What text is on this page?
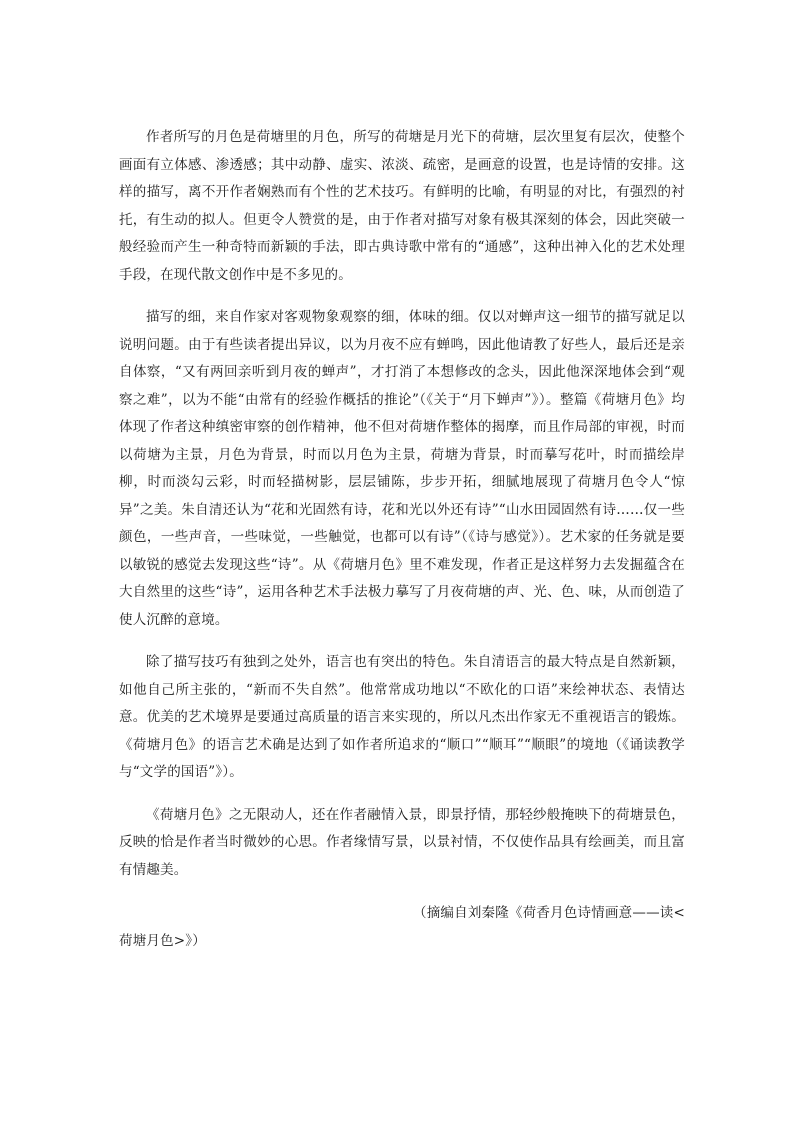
作者所写的月色是荷塘里的月色，所写的荷塘是月光下的荷塘，层次里复有层次，使整个画面有立体感、渗透感；其中动静、虚实、浓淡、疏密，是画意的设置，也是诗情的安排。这样的描写，离不开作者娴熟而有个性的艺术技巧。有鲜明的比喻，有明显的对比，有强烈的衬托，有生动的拟人。但更令人赞赏的是，由于作者对描写对象有极其深刻的体会，因此突破一般经验而产生一种奇特而新颖的手法，即古典诗歌中常有的“通感”，这种出神入化的艺术处理手段，在现代散文创作中是不多见的。

描写的细，来自作家对客观物象观察的细，体味的细。仅以对蝉声这一细节的描写就足以说明问题。由于有些读者提出异议，以为月夜不应有蝉鸣，因此他请教了好些人，最后还是亲自体察，“又有两回亲听到月夜的蝉声”，才打消了本想修改的念头，因此他深深地体会到“观察之难”，以为不能“由常有的经验作概括的推论”（《关于“月下蝉声”》）。整篇《荷塘月色》均体现了作者这种缜密审察的创作精神，他不但对荷塘作整体的揭摩，而且作局部的审视，时而以荷塘为主景，月色为背景，时而以月色为主景，荷塘为背景，时而摹写花叶，时而描绘岸柳，时而淡勾云彩，时而轻描树影，层层铺陈，步步开拓，细腻地展现了荷塘月色令人“惊异”之美。朱自清还认为“花和光固然有诗，花和光以外还有诗”“山水田园固然有诗……仅一些颜色，一些声音，一些味觉，一些触觉，也都可以有诗”（《诗与感觉》）。艺术家的任务就是要以敏锐的感觉去发现这些“诗”。从《荷塘月色》里不难发现，作者正是这样努力去发掘蕴含在大自然里的这些“诗”，运用各种艺术手法极力摹写了月夜荷塘的声、光、色、味，从而创造了使人沉醉的意境。

除了描写技巧有独到之处外，语言也有突出的特色。朱自清语言的最大特点是自然新颖，如他自己所主张的，“新而不失自然”。他常常成功地以“不欧化的口语”来绘神状态、表情达意。优美的艺术境界是要通过高质量的语言来实现的，所以凡杰出作家无不重视语言的锻炼。《荷塘月色》的语言艺术确是达到了如作者所追求的“顺口”“顺耳”“顺眼”的境地（《诵读教学与“文学的国语”》）。

《荷塘月色》之无限动人，还在作者融情入景，即景抒情，那轻纱般掩映下的荷塘景色，反映的恰是作者当时微妙的心思。作者缘情写景，以景衬情，不仅使作品具有绘画美，而且富有情趣美。

（摘编自刘秦隆《荷香月色诗情画意——读<荷塘月色>》）
